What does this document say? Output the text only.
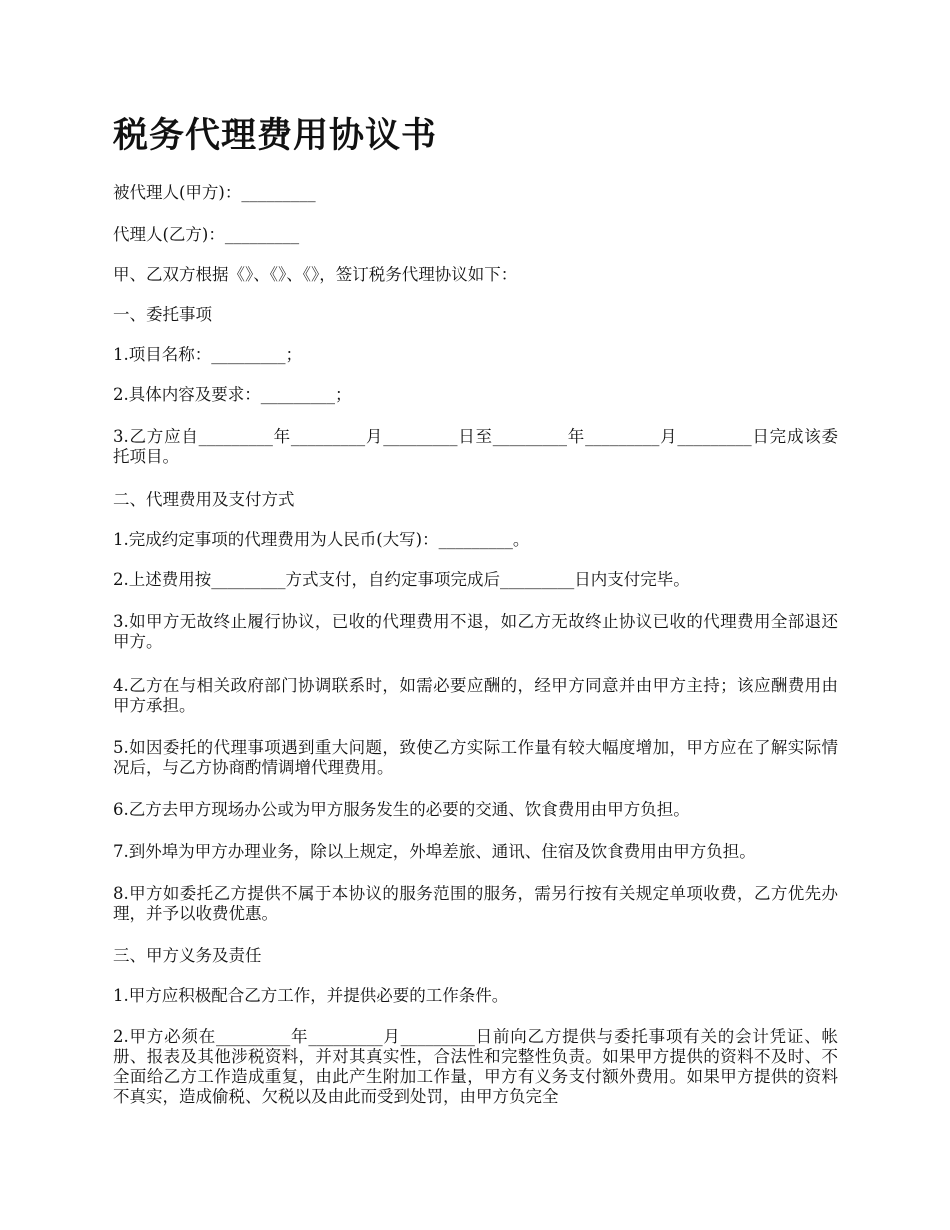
税务代理费用协议书

被代理人(甲方)：_________

代理人(乙方)：_________

甲、乙双方根据《》、《》、《》，签订税务代理协议如下：

一、委托事项

1.项目名称：_________；

2.具体内容及要求：_________；

3.乙方应自_________年_________月_________日至_________年_________月_________日完成该委托项目。

二、代理费用及支付方式

1.完成约定事项的代理费用为人民币(大写)：_________。

2.上述费用按_________方式支付，自约定事项完成后_________日内支付完毕。

3.如甲方无故终止履行协议，已收的代理费用不退，如乙方无故终止协议已收的代理费用全部退还甲方。

4.乙方在与相关政府部门协调联系时，如需必要应酬的，经甲方同意并由甲方主持；该应酬费用由甲方承担。

5.如因委托的代理事项遇到重大问题，致使乙方实际工作量有较大幅度增加，甲方应在了解实际情况后，与乙方协商酌情调增代理费用。

6.乙方去甲方现场办公或为甲方服务发生的必要的交通、饮食费用由甲方负担。

7.到外埠为甲方办理业务，除以上规定，外埠差旅、通讯、住宿及饮食费用由甲方负担。

8.甲方如委托乙方提供不属于本协议的服务范围的服务，需另行按有关规定单项收费，乙方优先办理，并予以收费优惠。

三、甲方义务及责任

1.甲方应积极配合乙方工作，并提供必要的工作条件。

2.甲方必须在_________年_________月_________日前向乙方提供与委托事项有关的会计凭证、帐册、报表及其他涉税资料，并对其真实性，合法性和完整性负责。如果甲方提供的资料不及时、不全面给乙方工作造成重复，由此产生附加工作量，甲方有义务支付额外费用。如果甲方提供的资料不真实，造成偷税、欠税以及由此而受到处罚，由甲方负完全
